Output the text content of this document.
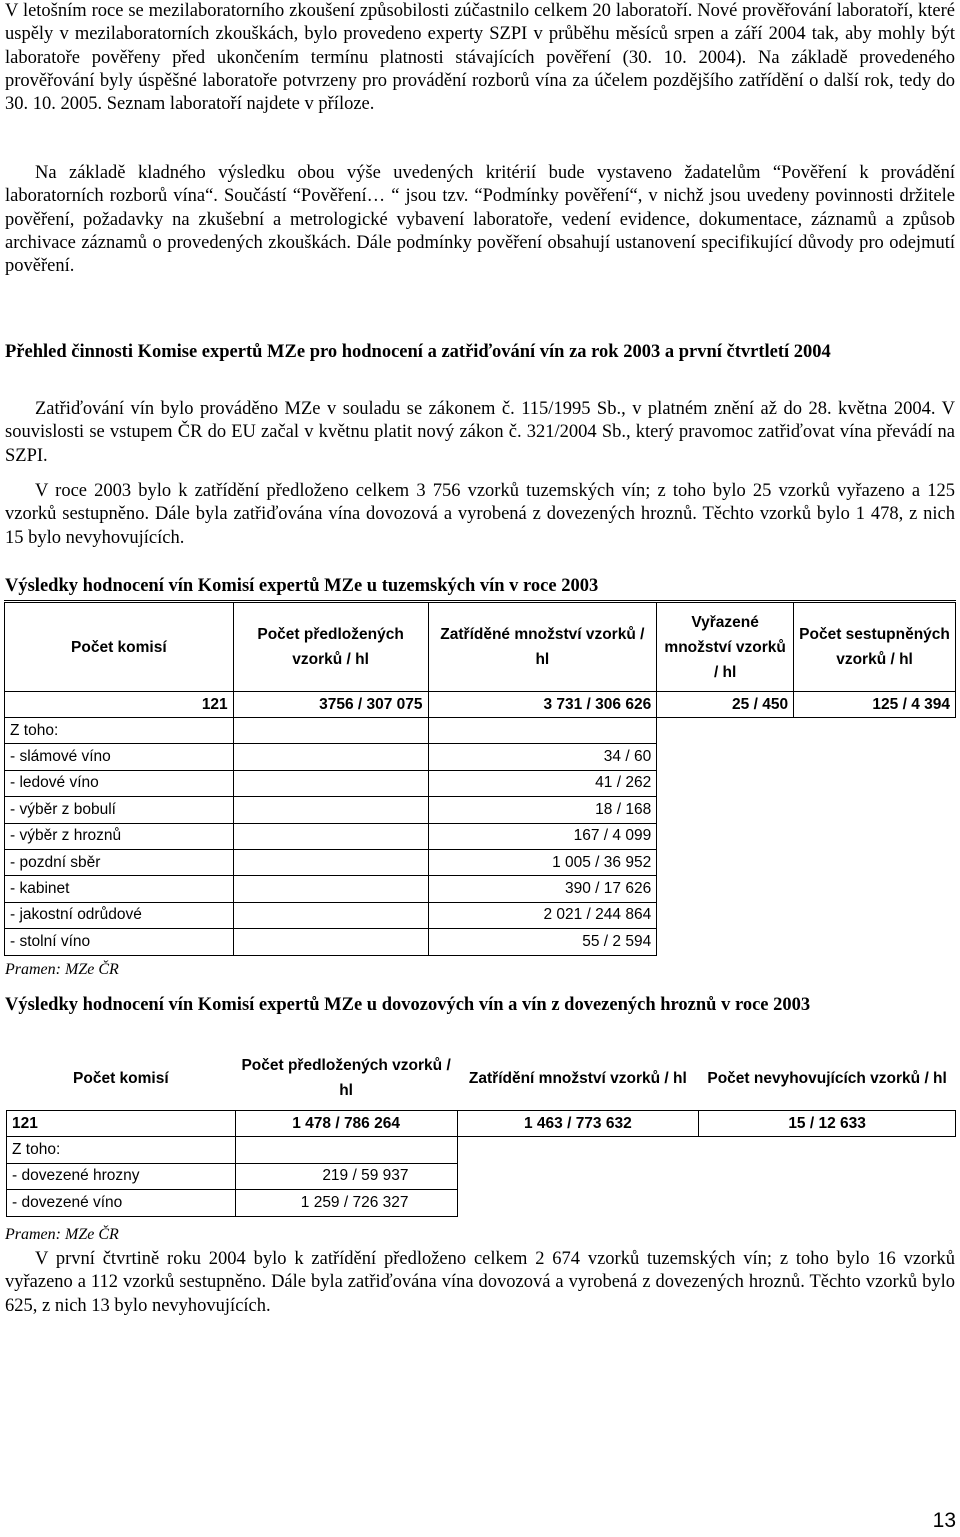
V letošním roce se mezilaboratorního zkoušení způsobilosti zúčastnilo celkem 20 laboratoří. Nové prověřování laboratoří, které uspěly v mezilaboratorních zkouškách, bylo provedeno experty SZPI v průběhu měsíců srpen a září 2004 tak, aby mohly být laboratoře pověřeny před ukončením termínu platnosti stávajících pověření (30. 10. 2004). Na základě provedeného prověřování byly úspěšné laboratoře potvrzeny pro provádění rozborů vína za účelem pozdějšího zatřídění o další rok, tedy do 30. 10. 2005. Seznam laboratoří najdete v příloze.

Na základě kladného výsledku obou výše uvedených kritérií bude vystaveno žadatelům “Pověření k provádění laboratorních rozborů vína“. Součástí “Pověření… “ jsou tzv. “Podmínky pověření“, v nichž jsou uvedeny povinnosti držitele pověření, požadavky na zkušební a metrologické vybavení laboratoře, vedení evidence, dokumentace, záznamů a způsob archivace záznamů o provedených zkouškách. Dále podmínky pověření obsahují ustanovení specifikující důvody pro odejmutí pověření.

Přehled činnosti Komise expertů MZe pro hodnocení a zatřiďování vín za rok 2003 a první čtvrtletí 2004

Zatřiďování vín bylo prováděno MZe v souladu se zákonem č. 115/1995 Sb., v platném znění až do 28. května 2004. V souvislosti se vstupem ČR do EU začal v květnu platit nový zákon č. 321/2004 Sb., který pravomoc zatřiďovat vína převádí na SZPI.

V roce 2003 bylo k zatřídění předloženo celkem 3 756 vzorků tuzemských vín; z toho bylo 25 vzorků vyřazeno a 125 vzorků sestupněno. Dále byla zatřiďována vína dovozová a vyrobená z dovezených hroznů. Těchto vzorků bylo 1 478, z nich 15 bylo nevyhovujících.

Výsledky hodnocení vín Komisí expertů MZe u tuzemských vín v roce 2003
Počet komisí	Počet předložených vzorků / hl	Zatříděné množství vzorků / hl	Vyřazené množství vzorků / hl	Počet sestupněných vzorků / hl
121	3756 / 307 075	3 731 / 306 626	25 / 450	125 / 4 394
Z toho:				
- slámové víno		34 / 60		
- ledové víno		41 / 262		
- výběr z bobulí		18 / 168		
- výběr z hroznů		167 / 4 099		
- pozdní sběr		1 005 / 36 952		
- kabinet		390 / 17 626		
- jakostní odrůdové		2 021 / 244 864		
- stolní víno		55 / 2 594		
Pramen: MZe ČR
Výsledky hodnocení vín Komisí expertů MZe u dovozových vín a vín z dovezených hroznů v roce 2003
Počet komisí	Počet předložených vzorků / hl	Zatřídění množství vzorků / hl	Počet nevyhovujících vzorků / hl
121	1 478 / 786 264	1 463 / 773 632	15 / 12 633
Z toho:			
- dovezené hrozny	219 / 59 937		
- dovezené víno	1 259 / 726 327		
Pramen: MZe ČR

V první čtvrtině roku 2004 bylo k zatřídění předloženo celkem 2 674 vzorků tuzemských vín; z toho bylo 16 vzorků vyřazeno a 112 vzorků sestupněno. Dále byla zatřiďována vína dovozová a vyrobená z dovezených hroznů. Těchto vzorků bylo 625, z nich 13 bylo nevyhovujících.

13
